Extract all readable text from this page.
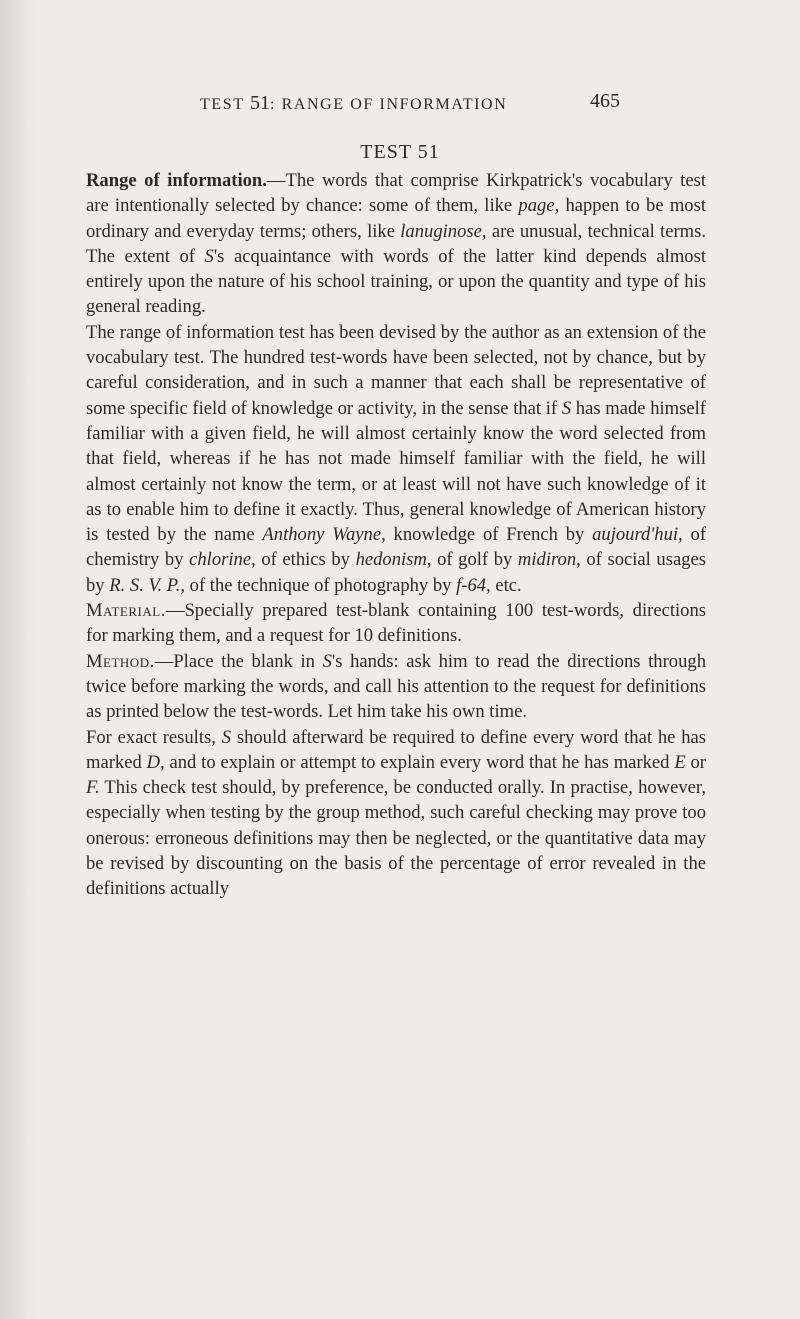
TEST 51: RANGE OF INFORMATION	465
TEST 51

Range of information.—The words that comprise Kirkpatrick's vocabulary test are intentionally selected by chance: some of them, like page, happen to be most ordinary and everyday terms; others, like lanuginose, are unusual, technical terms. The extent of S's acquaintance with words of the latter kind depends almost entirely upon the nature of his school training, or upon the quantity and type of his general reading.

The range of information test has been devised by the author as an extension of the vocabulary test. The hundred test-words have been selected, not by chance, but by careful consideration, and in such a manner that each shall be representative of some specific field of knowledge or activity, in the sense that if S has made himself familiar with a given field, he will almost certainly know the word selected from that field, whereas if he has not made himself familiar with the field, he will almost certainly not know the term, or at least will not have such knowledge of it as to enable him to define it exactly. Thus, general knowledge of American history is tested by the name Anthony Wayne, knowledge of French by aujourd'hui, of chemistry by chlorine, of ethics by hedonism, of golf by midiron, of social usages by R. S. V. P., of the technique of photography by f-64, etc.

Material.—Specially prepared test-blank containing 100 test-words, directions for marking them, and a request for 10 definitions.

Method.—Place the blank in S's hands: ask him to read the directions through twice before marking the words, and call his attention to the request for definitions as printed below the test-words. Let him take his own time.

For exact results, S should afterward be required to define every word that he has marked D, and to explain or attempt to explain every word that he has marked E or F. This check test should, by preference, be conducted orally. In practise, however, especially when testing by the group method, such careful checking may prove too onerous: erroneous definitions may then be neglected, or the quantitative data may be revised by discounting on the basis of the percentage of error revealed in the definitions actually
